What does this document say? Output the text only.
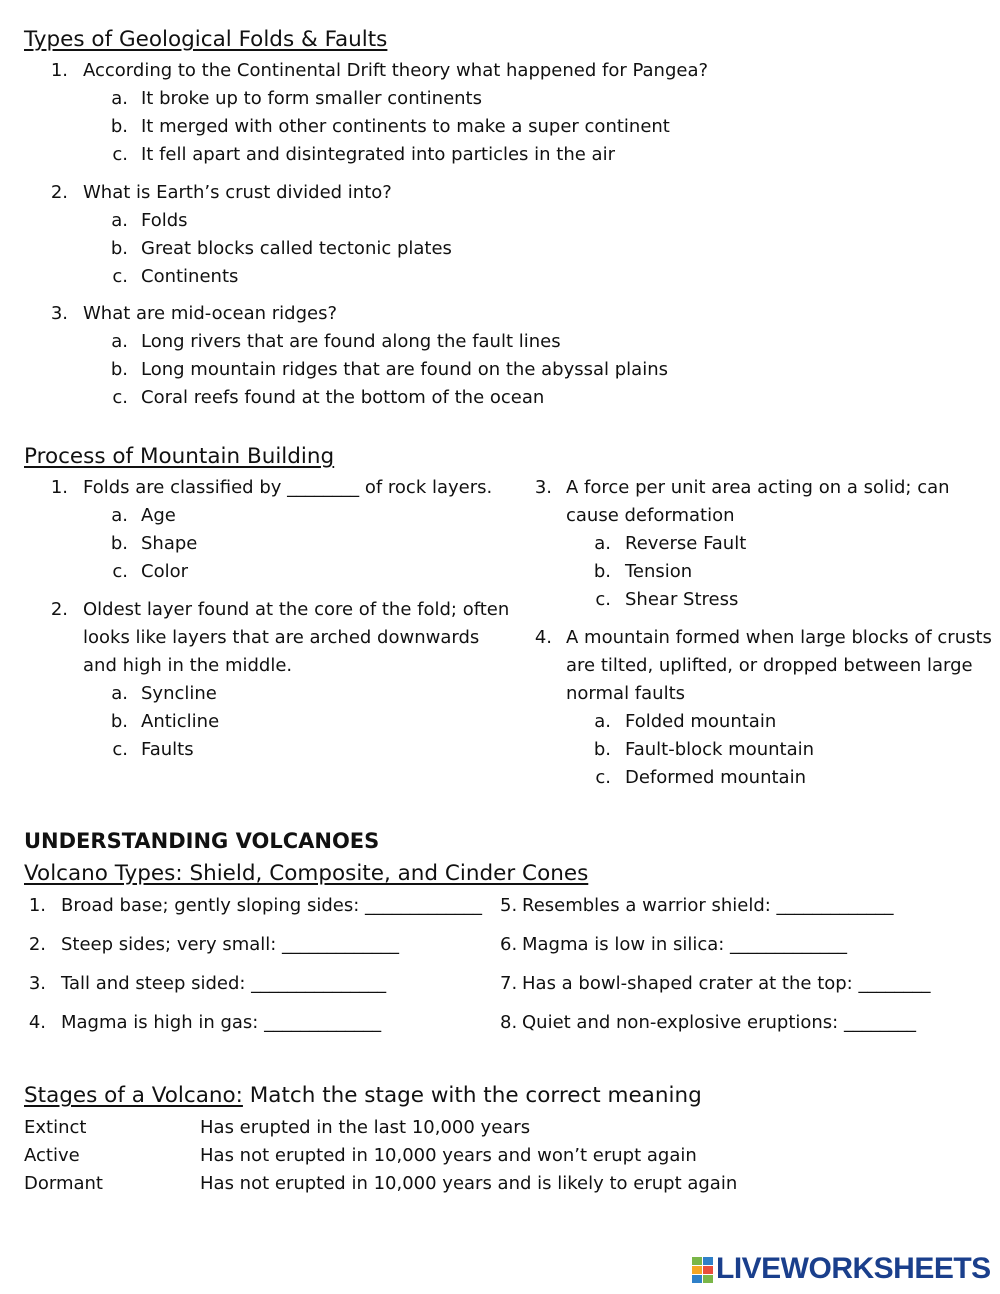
Types of Geological Folds & Faults
1. According to the Continental Drift theory what happened for Pangea?
a. It broke up to form smaller continents
b. It merged with other continents to make a super continent
c. It fell apart and disintegrated into particles in the air
2. What is Earth’s crust divided into?
a. Folds
b. Great blocks called tectonic plates
c. Continents
3. What are mid-ocean ridges?
a. Long rivers that are found along the fault lines
b. Long mountain ridges that are found on the abyssal plains
c. Coral reefs found at the bottom of the ocean
Process of Mountain Building
1. Folds are classified by ________ of rock layers.
a. Age
b. Shape
c. Color
2. Oldest layer found at the core of the fold; often
looks like layers that are arched downwards
and high in the middle.
a. Syncline
b. Anticline
c. Faults
3. A force per unit area acting on a solid; can
cause deformation
a. Reverse Fault
b. Tension
c. Shear Stress
4. A mountain formed when large blocks of crusts
are tilted, uplifted, or dropped between large
normal faults
a. Folded mountain
b. Fault-block mountain
c. Deformed mountain
UNDERSTANDING VOLCANOES
Volcano Types: Shield, Composite, and Cinder Cones
1. Broad base; gently sloping sides: _____________
2. Steep sides; very small: _____________
3. Tall and steep sided: _______________
4. Magma is high in gas: _____________
5. Resembles a warrior shield: _____________
6. Magma is low in silica: _____________
7. Has a bowl-shaped crater at the top: ________
8. Quiet and non-explosive eruptions: ________
Stages of a Volcano: Match the stage with the correct meaning
Extinct
Active
Dormant
Has erupted in the last 10,000 years
Has not erupted in 10,000 years and won’t erupt again
Has not erupted in 10,000 years and is likely to erupt again
LIVEWORKSHEETS
